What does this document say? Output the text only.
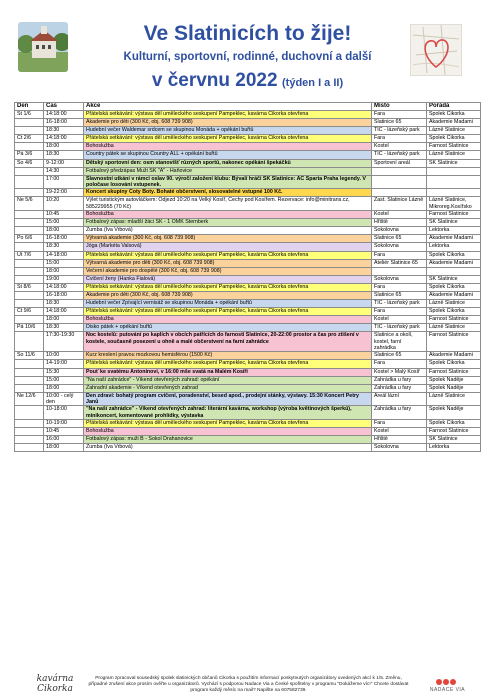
Ve Slatinicích to žije!
Kulturní, sportovní, rodinné, duchovní a další
v červnu 2022 (týden I a II)
Den	Čas	Akce	Místo	Pořádá
St 1/6	14:18:00	Přátelská setkávání: výstava děl uměleckého seskupení Pampeklec, kavárna Cikorka otevřena	Fara	Spolek Cikorka
	16-18:00	Akademie pro děti (300 Kč, obj. 608 739 908)	Slatinice 65	Akademie Madami
	18:30	Hudební večer Waldemar srdcem se skupinou Monáda + opékání buřtů	TIC - lázeňský park	Lázně Slatinice
Čt 2/6	14:18:00	Přátelská setkávání: výstava děl uměleckého seskupení Pampeklec, kavárna Cikorka otevřena	Fara	Spolek Cikorka
	18:00	Bohoslužba	Kostel	Farnost Slatinice
Pá 3/6	18:30	Country pátek se skupinou Country ALL + opékání buřtů	TIC - lázeňský park	Lázně Slatinice
So 4/6	9-12:00	Dětský sportovní den: osm stanovišť různých sportů, nakonec opékání špekáčků	Sportovní areál	SK Slatinice
	14:30	Fotbalový předzápas Muži SK "A" - Haňovice		
	17:00	Slavnostní utkání v rámci oslav 90. výročí založení klubu: Bývalí hráči SK Slatinice: AC Sparta Praha legendy. V poločase losování vstupenek.		
	19-22:00	Koncert skupiny Coty Boty. Bohaté občerstvení, slosovatelné vstupné 100 Kč.		
Ne 5/6	10:20	Výlet turistickým autovláčkem: Odjezd 10:20 na Velký Kosíř, Čechy pod Kosířem. Rezervace: info@minitrans.cz, 585229955 (70 Kč)	Zast. Slatinice Lázně	Lázně Slatinice, Mikroreg.Kosířsko
	10:45	Bohoslužba	Kostel	Farnost Slatinice
	15:00	Fotbalový zápas: mladší žáci SK - 1 OMK Šternberk	Hřiště	SK Slatinice
	18:00	Zumba (Iva Vrbová)	Sokolovna	Lektorka
Po 6/6	16-18:00	Výtvarná akademie (300 Kč, obj. 608 739 908)	Slatinice 65	Akademie Madami
	18:30	Jóga (Markéta Valsová)	Sokolovna	Lektorka
Út 7/6	14-18:00	Přátelská setkávání: výstava děl uměleckého seskupení Pampeklec, kavárna Cikorka otevřena	Fara	Spolek Cikorka
	15:00	Výtvarná akademie pro děti (300 Kč, obj. 608 739 908)	Ateliér Slatinice 65	Akademie Madami
	18:00	Večerní akademie pro dospělé (300 Kč, obj. 608 739 908)		
	19:00	Cvičení ženy (Hanka Fialová)	Sokolovna	SK Slatinice
St 8/6	14:18:00	Přátelská setkávání: výstava děl uměleckého seskupení Pampeklec, kavárna Cikorka otevřena	Fara	Spolek Cikorka
	16-18:00	Akademie pro děti (300 Kč, obj. 608 739 908)	Slatinice 65	Akademie Madami
	18:30	Hudební večer Zpívající vernisáž se skupinou Monáda + opékání buřtů	TIC - lázeňský park	Lázně Slatinice
Čt 9/6	14:18:00	Přátelská setkávání: výstava děl uměleckého seskupení Pampeklec, kavárna Cikorka otevřena	Fara	Spolek Cikorka
	18:00	Bohoslužba	Kostel	Farnost Slatinice
Pá 10/6	18:30	Disko pátek + opékání buřtů	TIC - lázeňský park	Lázně Slatinice
	17:30-19:30	Noc kostelů: putování po kaplích v obcích patřících do farnosti Slatinice, 20-22:00 prostor a čas pro ztišení v kostele, současně posezení u ohně a malé občerstvení na farní zahrádce	Slatinice a okolí, kostel, farní zahrádka	Farnost Slatinice
So 11/6	10:00	Kurz kreslení pravou mozkovou hemisférou (1500 Kč)	Slatinice 65	Akademie Madami
	14-19:00	Přátelská setkávání: výstava děl uměleckého seskupení Pampeklec, kavárna Cikorka otevřena	Fara	Spolek Cikorka
	15:30	Pouť ke svatému Antonínovi, v 16:00 mše svatá na Malém Kosíři	Kostel > Malý Kosíř	Farnost Slatinice
	15:00	"Na naší zahrádce" - Víkend otevřených zahrad: opékání	Zahrádka u fary	Spolek Naděje
	18:00	Zahradní akademie - Víkend otevřených zahrad	Zahrádka u fary	Spolek Naděje
Ne 12/6	10:00 - celý den	Den zdraví: bohatý program cvičení, poradenství, besed apod., prodejní stánky, výstavy. 15:30 Koncert Petry Janů	Areál lázní	Lázně Slatinice
	10-18:00	"Na naší zahrádce" - Víkend otevřených zahrad: literární kavárna, workshop (výroba květinových šperků), minikoncert, komentované prohlídky, výstavka	Zahrádka u fary	Spolek Naděje
	10-19:00	Přátelská setkávání: výstava děl uměleckého seskupení Pampeklec, kavárna Cikorka otevřena	Fara	Spolek Cikorka
	10:45	Bohoslužba	Kostel	Farnost Slatinice
	16:00	Fotbalový zápas: muži B - Sokol Drahanovice	Hřiště	SK Slatinice
	18:00	Zumba (Iva Vrbová)	Sokolovna	Lektorka
kavárna Cikorka
Program zpracoval sousedský spolek slatinických občanů Cikorka s použitím informací poskytnutých organizátory uvedených akcí k 1/5. Změnu, případné zrušení akce prosím ověřte u organizátorů. Vychází s podporou Nadace Via a České spořitelny v programu "Dokážeme víc!" Chcete dostávat program každý měsíc na mail? Napište na 607582739.	NADACE VIA
